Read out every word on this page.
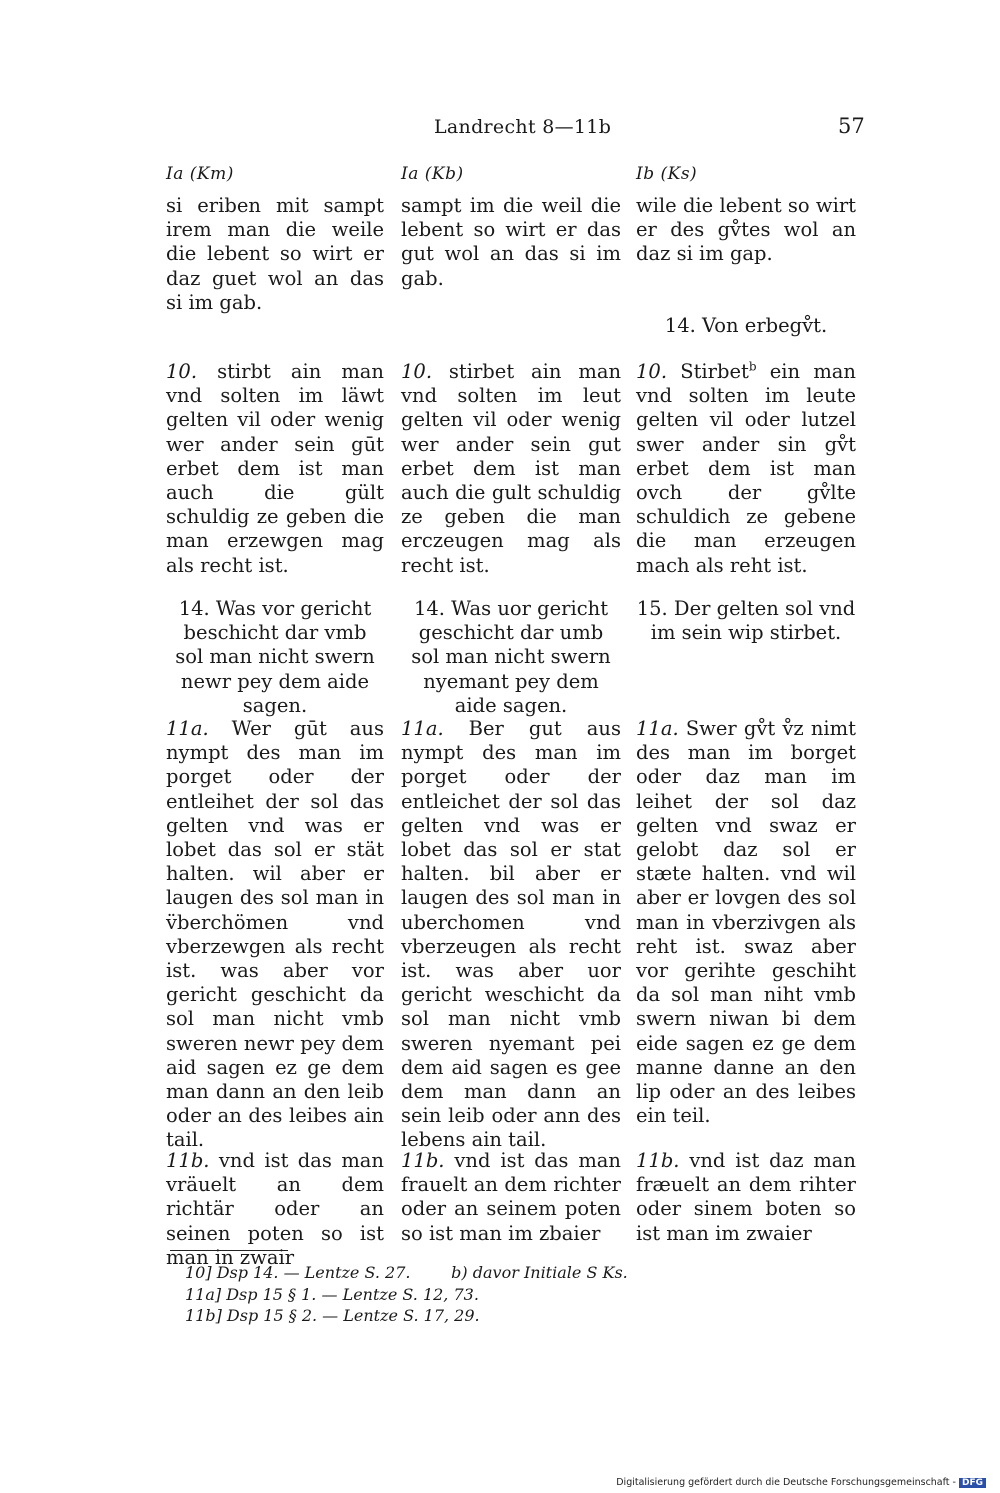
Landrecht 8—11b	57
Ia (Km)

si eriben mit sampt irem man die weile die lebent so wirt er daz guet wol an das si im gab.

10. stirbt ain man vnd solten im läwt gelten vil oder wenig wer ander sein gūt erbet dem ist man auch die gült schuldig ze geben die man erzewgen mag als recht ist.

14. Was vor gericht beschicht dar vmb sol man nicht swern newr pey dem aide sagen.

11a. Wer gūt aus nympt des man im porget oder der entleihet der sol das gelten vnd was er lobet das sol er stät halten. wil aber er laugen des sol man in v̈berchömen vnd vberzewgen als recht ist. was aber vor gericht geschicht da sol man nicht vmb sweren newr pey dem aid sagen ez ge dem man dann an den leib oder an des leibes ain tail.

11b. vnd ist das man vräuelt an dem richtär oder an seinen poten so ist man in zwair

Ia (Kb)

sampt im die weil die lebent so wirt er das gut wol an das si im gab.

10. stirbet ain man vnd solten im leut gelten vil oder wenig wer ander sein gut erbet dem ist man auch die gult schuldig ze geben die man erczeugen mag als recht ist.

14. Was uor gericht geschicht dar umb sol man nicht swern nyemant pey dem aide sagen.

11a. Ber gut aus nympt des man im porget oder der entleichet der sol das gelten vnd was er lobet das sol er stat halten. bil aber er laugen des sol man in uberchomen vnd vberzeugen als recht ist. was aber uor gericht weschicht da sol man nicht vmb sweren nyemant pei dem aid sagen es gee dem man dann an sein leib oder ann des lebens ain tail.

11b. vnd ist das man frauelt an dem richter oder an seinem poten so ist man im zbaier

Ib (Ks)

wile die lebent so wirt er des gv̊tes wol an daz si im gap.

14. Von erbegv̊t.

10. Stirbet$^b$ ein man vnd solten im leute gelten vil oder lutzel swer ander sin gv̊t erbet dem ist man ovch der gv̊lte schuldich ze gebene die man erzeugen mach als reht ist.

15. Der gelten sol vnd im sein wip stirbet.

11a. Swer gv̊t v̊z nimt des man im borget oder daz man im leihet der sol daz gelten vnd swaz er gelobt daz sol er stæte halten. vnd wil aber er lovgen des sol man in vberzivgen als reht ist. swaz aber vor gerihte geschiht da sol man niht vmb swern niwan bi dem eide sagen ez ge dem manne danne an den lip oder an des leibes ein teil.

11b. vnd ist daz man fræuelt an dem rihter oder sinem boten so ist man im zwaier

10] Dsp 14. — Lentze S. 27.        b) davor Initiale S Ks.
11a] Dsp 15 § 1. — Lentze S. 12, 73.
11b] Dsp 15 § 2. — Lentze S. 17, 29.
Digitalisierung gefördert durch die Deutsche Forschungsgemeinschaft - DFG
